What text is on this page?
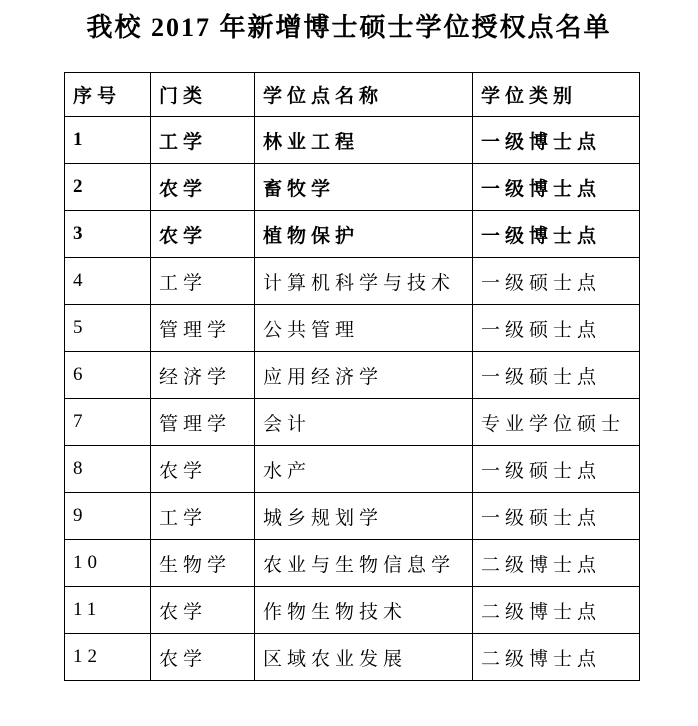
我校 2017 年新增博士硕士学位授权点名单
序号	门类	学位点名称	学位类别
1	工学	林业工程	一级博士点
2	农学	畜牧学	一级博士点
3	农学	植物保护	一级博士点
4	工学	计算机科学与技术	一级硕士点
5	管理学	公共管理	一级硕士点
6	经济学	应用经济学	一级硕士点
7	管理学	会计	专业学位硕士
8	农学	水产	一级硕士点
9	工学	城乡规划学	一级硕士点
10	生物学	农业与生物信息学	二级博士点
11	农学	作物生物技术	二级博士点
12	农学	区域农业发展	二级博士点
